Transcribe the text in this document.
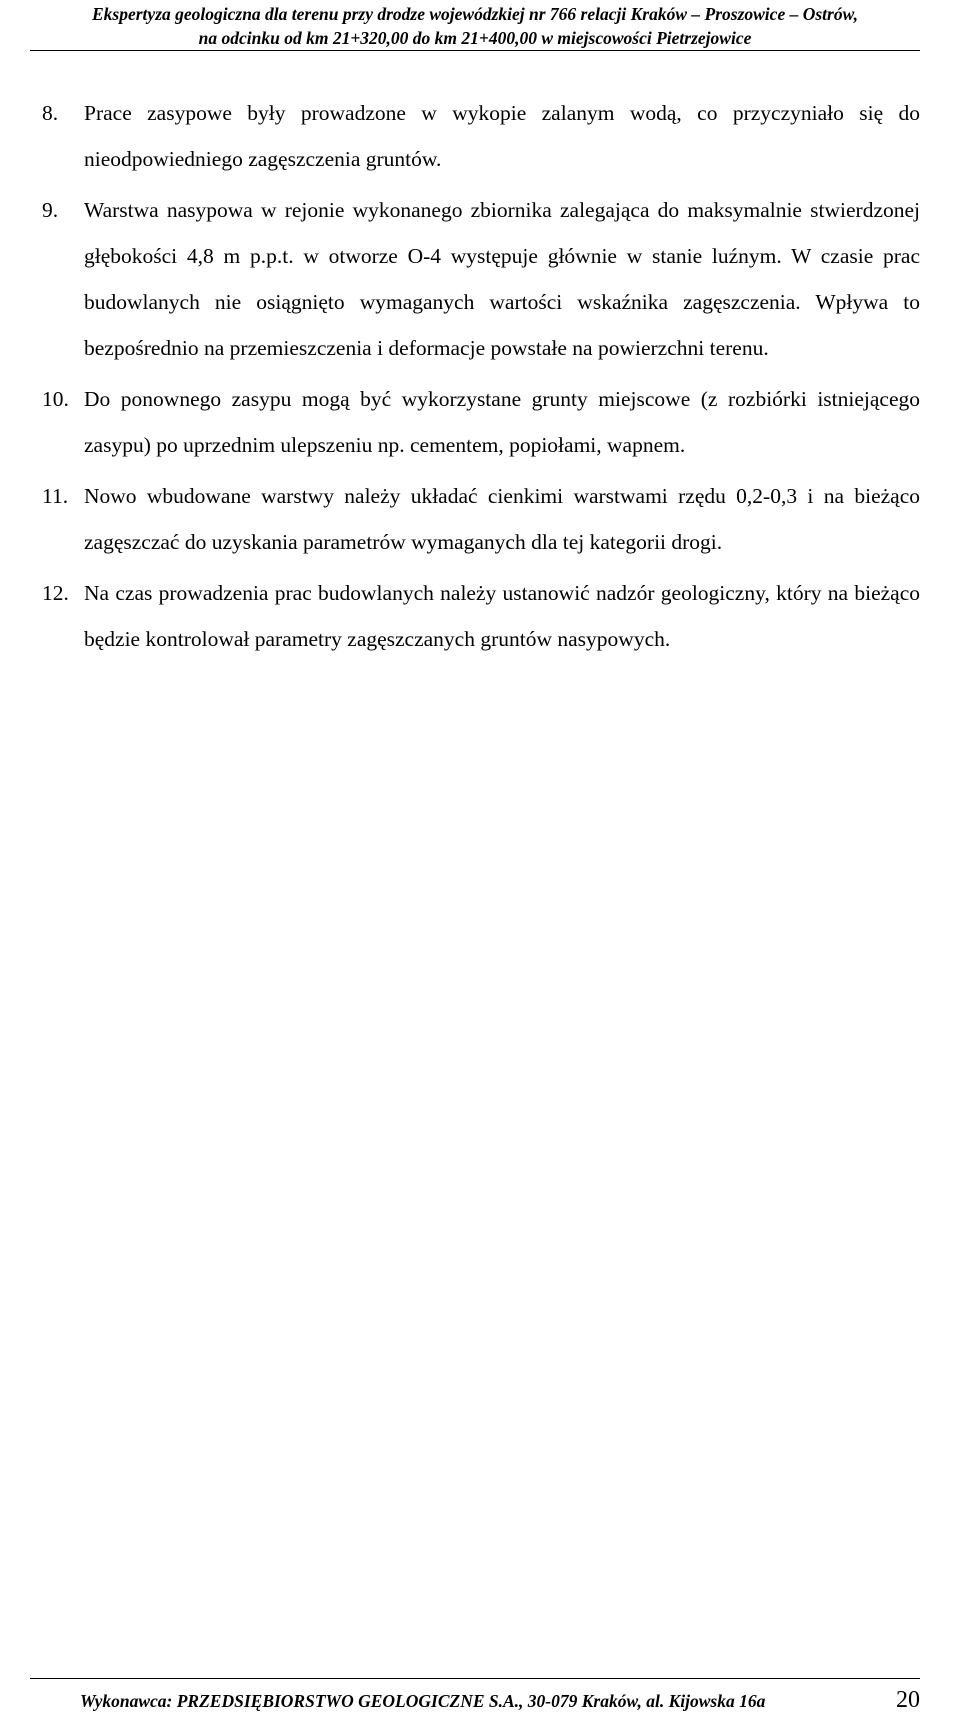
Ekspertyza geologiczna dla terenu przy drodze wojewódzkiej nr 766 relacji Kraków – Proszowice – Ostrów,
na odcinku od km 21+320,00 do km 21+400,00 w miejscowości Pietrzejowice
8.	Prace zasypowe były prowadzone w wykopie zalanym wodą, co przyczyniało się do nieodpowiedniego zagęszczenia gruntów.
9.	Warstwa nasypowa w rejonie wykonanego zbiornika zalegająca do maksymalnie stwierdzonej głębokości 4,8 m p.p.t. w otworze O-4 występuje głównie w stanie luźnym. W czasie prac budowlanych nie osiągnięto wymaganych wartości wskaźnika zagęszczenia. Wpływa to bezpośrednio na przemieszczenia i deformacje powstałe na powierzchni terenu.
10. Do ponownego zasypu mogą być wykorzystane grunty miejscowe (z rozbiórki istniejącego zasypu) po uprzednim ulepszeniu np. cementem, popiołami, wapnem.
11. Nowo wbudowane warstwy należy układać cienkimi warstwami rzędu 0,2-0,3 i na bieżąco zagęszczać do uzyskania parametrów wymaganych dla tej kategorii drogi.
12. Na czas prowadzenia prac budowlanych należy ustanowić nadzór geologiczny, który na bieżąco będzie kontrolował parametry zagęszczanych gruntów nasypowych.
Wykonawca: PRZEDSIĘBIORSTWO GEOLOGICZNE S.A., 30-079 Kraków, al. Kijowska 16a	20
